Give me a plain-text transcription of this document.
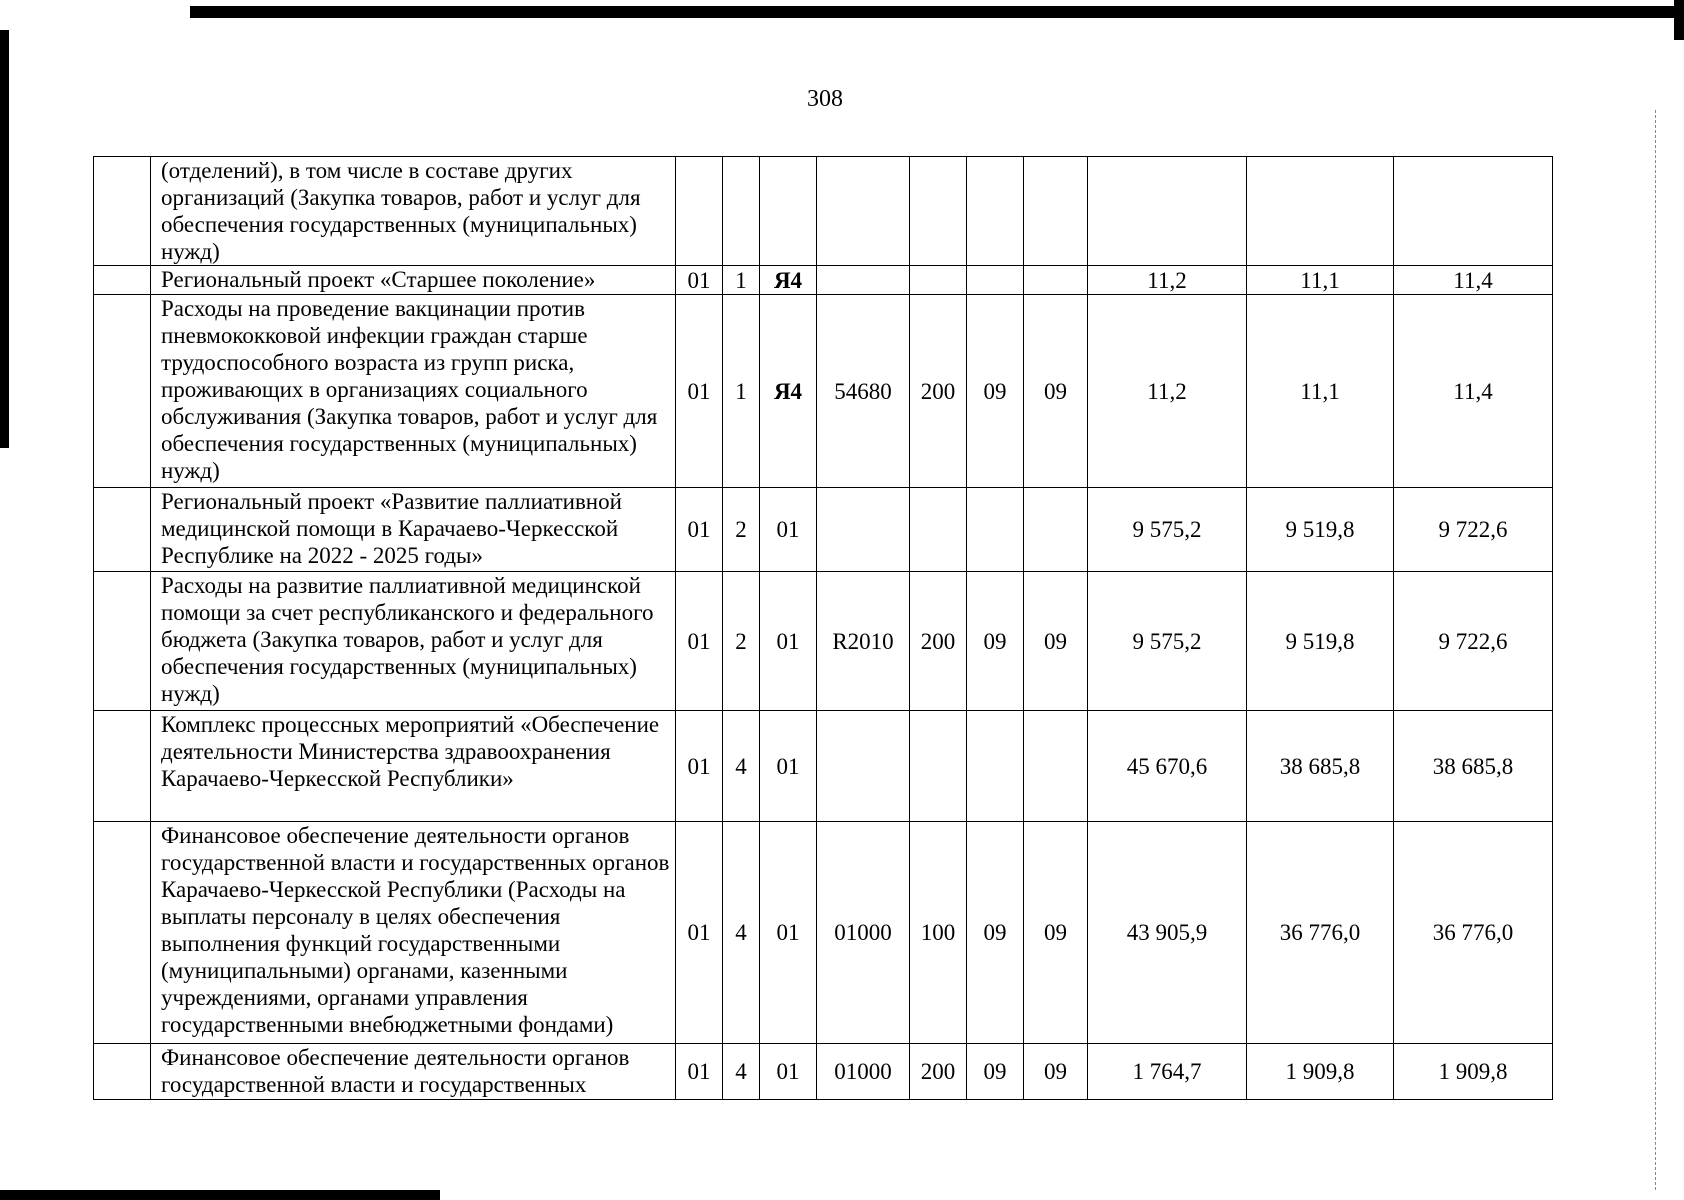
308
	(отделений), в том числе в составе других организаций (Закупка товаров, работ и услуг для обеспечения государственных (муниципальных) нужд)										
	Региональный проект «Старшее поколение»	01	1	Я4					11,2	11,1	11,4
	Расходы на проведение вакцинации против пневмококковой инфекции граждан старше трудоспособного возраста из групп риска, проживающих в организациях социального обслуживания (Закупка товаров, работ и услуг для обеспечения государственных (муниципальных) нужд)	01	1	Я4	54680	200	09	09	11,2	11,1	11,4
	Региональный проект «Развитие паллиативной медицинской помощи в Карачаево-Черкесской Республике на 2022 - 2025 годы»	01	2	01					9 575,2	9 519,8	9 722,6
	Расходы на развитие паллиативной медицинской помощи за счет республиканского и федерального бюджета (Закупка товаров, работ и услуг для обеспечения государственных (муниципальных) нужд)	01	2	01	R2010	200	09	09	9 575,2	9 519,8	9 722,6
	Комплекс процессных мероприятий «Обеспечение деятельности Министерства здравоохранения Карачаево-Черкесской Республики»	01	4	01					45 670,6	38 685,8	38 685,8
	Финансовое обеспечение деятельности органов государственной власти и государственных органов Карачаево-Черкесской Республики (Расходы на выплаты персоналу в целях обеспечения выполнения функций государственными (муниципальными) органами, казенными учреждениями, органами управления государственными внебюджетными фондами)	01	4	01	01000	100	09	09	43 905,9	36 776,0	36 776,0
	Финансовое обеспечение деятельности органов государственной власти и государственных	01	4	01	01000	200	09	09	1 764,7	1 909,8	1 909,8
